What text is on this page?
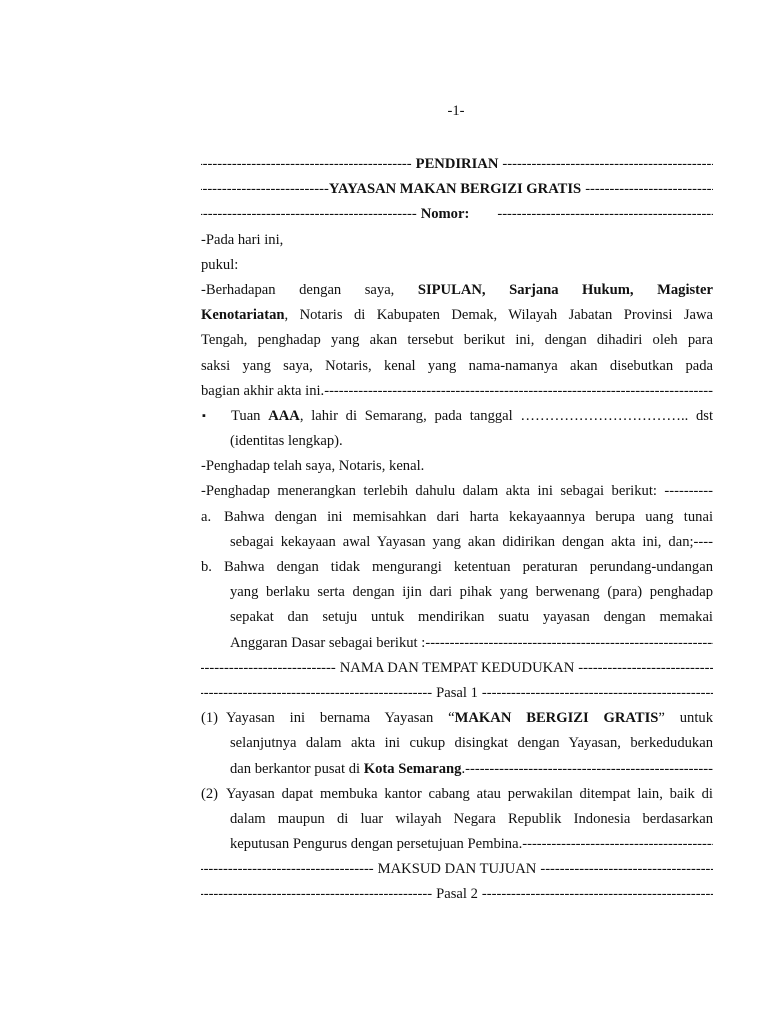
-1-
-----
PENDIRIAN
-----
-----
YAYASAN MAKAN BERGIZI GRATIS
-----
-----
Nomor:
-----
-Pada hari ini,
pukul:
-Berhadapan dengan saya, SIPULAN, Sarjana Hukum, Magister
Kenotariatan, Notaris di Kabupaten Demak, Wilayah Jabatan Provinsi Jawa
Tengah, penghadap yang akan tersebut berikut ini, dengan dihadiri oleh para
saksi yang saya, Notaris, kenal yang nama-namanya akan disebutkan pada
bagian akhir akta ini.
-----
▪	Tuan AAA, lahir di Semarang, pada tanggal …………………………….. dst
(identitas lengkap).
-Penghadap telah saya, Notaris, kenal.
-Penghadap menerangkan terlebih dahulu dalam akta ini sebagai berikut: ----------
a. Bahwa dengan ini memisahkan dari harta kekayaannya berupa uang tunai
sebagai kekayaan awal Yayasan yang akan didirikan dengan akta ini, dan;----
b. Bahwa dengan tidak mengurangi ketentuan peraturan perundang-undangan
yang berlaku serta dengan ijin dari pihak yang berwenang (para) penghadap
sepakat dan setuju untuk mendirikan suatu yayasan dengan memakai
Anggaran Dasar sebagai berikut :
-----
-----
NAMA DAN TEMPAT KEDUDUKAN
-----
-----
Pasal 1
-----
(1) Yayasan ini bernama Yayasan “MAKAN BERGIZI GRATIS” untuk
selanjutnya dalam akta ini cukup disingkat dengan Yayasan, berkedudukan
dan berkantor pusat di Kota Semarang.
-----
(2) Yayasan dapat membuka kantor cabang atau perwakilan ditempat lain, baik di
dalam maupun di luar wilayah Negara Republik Indonesia berdasarkan
keputusan Pengurus dengan persetujuan Pembina.
-----
-----
MAKSUD DAN TUJUAN
-----
-----
Pasal 2
-----
